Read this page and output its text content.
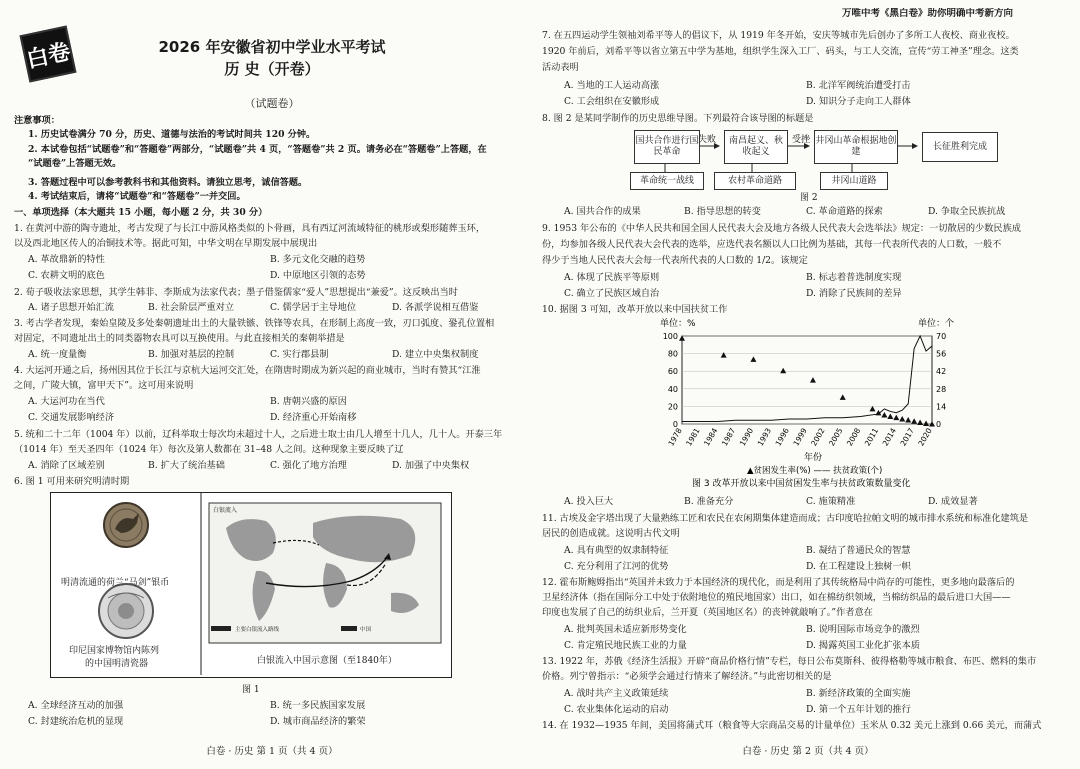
白卷	2026 年安徽省初中学业水平考试
历 史（开卷）
（试题卷）
注意事项：
1. 历史试卷满分 70 分，历史、道德与法治的考试时间共 120 分钟。
2. 本试卷包括“试题卷”和“答题卷”两部分，“试题卷”共 4 页，“答题卷”共 2 页。请务必在“答题卷”上答题，在
“试题卷”上答题无效。
3. 答题过程中可以参考教科书和其他资料。请独立思考，诚信答题。
4. 考试结束后，请将“试题卷”和“答题卷”一并交回。
一、单项选择（本大题共 15 小题，每小题 2 分，共 30 分）
1. 在黄河中游的陶寺遗址，考古发现了与长江中游风格类似的卜骨画，具有西辽河流域特征的桃形或梨形随葬玉环，
以及西北地区传人的冶铜技术等。据此可知，中华文明在早期发展中展现出
A. 革故鼎新的特性	B. 多元文化交融的趋势
C. 农耕文明的底色	D. 中原地区引领的态势
2. 荀子吸收法家思想，其学生韩非、李斯成为法家代表；墨子借鉴儒家“爱人”思想提出“兼爱”。这反映出当时
A. 诸子思想开始汇流	B. 社会阶层严重对立	C. 儒学居于主导地位	D. 各派学说相互借鉴
3. 考古学者发现，秦始皇陵及多处秦朝遗址出土的大量铁镞、铁锋等农具，在形制上高度一致，刃口弧度、銎孔位置相
对固定，不同遗址出土的同类器物农具可以互换使用。与此直接相关的秦朝举措是
A. 统一度量衡	B. 加强对基层的控制	C. 实行郡县制	D. 建立中央集权制度
4. 大运河开通之后，扬州因其位于长江与京杭大运河交汇处，在隋唐时期成为新兴起的商业城市，当时有赞其“江淮
之间，广陵大镇，富甲天下”。这可用来说明
A. 大运河功在当代	B. 唐朝兴盛的原因
C. 交通发展影响经济	D. 经济重心开始南移
5. 统和二十二年（1004 年）以前，辽科举取士每次均未超过十人，之后进士取士由几人增至十几人，几十人。开泰三年
（1014 年）至天圣四年（1024 年）每次及第人数都在 31–48 人之间。这种现象主要反映了辽
A. 消除了区域差别	B. 扩大了统治基础	C. 强化了地方治理	D. 加强了中央集权
6. 图 1 可用来研究明清时期
明清流通的荷兰“马剑”银币
印尼国家博物馆内陈列
的中国明清瓷器
白银流入
主要白银流入路线	中国
白银流入中国示意图（至1840年）
图 1
A. 全球经济互动的加强	B. 统一多民族国家发展
C. 封建统治危机的显现	D. 城市商品经济的繁荣
白卷 · 历史 第 1 页（共 4 页）
万唯中考《黑白卷》助你明确中考新方向
7. 在五四运动学生领袖刘希平等人的倡议下，从 1919 年冬开始，安庆等城市先后创办了多所工人夜校、商业夜校。
1920 年前后，刘希平等以省立第五中学为基地，组织学生深入工厂、码头，与工人交流，宣传“劳工神圣”理念。这类
活动表明
A. 当地的工人运动高涨	B. 北洋军阀统治遭受打击
C. 工会组织在安徽形成	D. 知识分子走向工人群体
8. 图 2 是某同学制作的历史思维导图。下列最符合该导图的标题是
国共合作进行国民革命
南昌起义、秋收起义
井冈山革命根据地创建
长征胜利完成
失败	受挫
革命统一战线	农村革命道路	井冈山道路
图 2
A. 国共合作的成果	B. 指导思想的转变	C. 革命道路的探索	D. 争取全民族抗战
9. 1953 年公布的《中华人民共和国全国人民代表大会及地方各级人民代表大会选举法》规定：一切散居的少数民族成
份，均参加各级人民代表大会代表的选举，应选代表名额以人口比例为基础，其每一代表所代表的人口数，一般不
得少于当地人民代表大会每一代表所代表的人口数的 1/2。该规定
A. 体现了民族平等原则	B. 标志着普选制度实现
C. 确立了民族区域自治	D. 消除了民族间的差异
10. 据图 3 可知，改革开放以来中国扶贫工作
单位：%	单位：个
100	70
80	56
60	42
40	28
20	14
0	0
1978 1981 1984 1987 1990 1993 1996 1999 2002 2005 2008 2011 2014 2017 2020
年份
▲贫困发生率(%) —— 扶贫政策(个)
图 3 改革开放以来中国贫困发生率与扶贫政策数量变化
A. 投入巨大	B. 准备充分	C. 施策精准	D. 成效显著
11. 古埃及金字塔出现了大量熟练工匠和农民在农闲期集体建造而成；古印度哈拉帕文明的城市排水系统和标准化建筑是
居民的创造成就。这说明古代文明
A. 具有典型的奴隶制特征	B. 凝结了普通民众的智慧
C. 充分利用了江河的优势	D. 在工程建设上独树一帜
12. 霍布斯鲍姆指出“英国并未致力于本国经济的现代化，而是利用了其传统格局中尚存的可能性，更多地向最落后的
卫星经济体（指在国际分工中处于依附地位的殖民地国家）出口，如在棉纺织领域，当棉纺织品的最后进口大国——
印度也发展了自己的纺织业后，兰开夏（英国地区名）的丧钟就敲响了。”作者意在
A. 批判英国未适应新形势变化	B. 说明国际市场竞争的激烈
C. 肯定殖民地民族工业的力量	D. 揭露英国工业化扩张本质
13. 1922 年，苏俄《经济生活报》开辟“商品价格行情”专栏，每日公布莫斯科、彼得格勒等城市粮食、布匹、燃料的集市
价格。列宁曾指示：“必须学会通过行情来了解经济。”与此密切相关的是
A. 战时共产主义政策延续	B. 新经济政策的全面实施
C. 农业集体化运动的启动	D. 第一个五年计划的推行
14. 在 1932—1935 年间，美国将蒲式耳（粮食等大宗商品交易的计量单位）玉米从 0.32 美元上涨到 0.66 美元，而蒲式
白卷 · 历史 第 2 页（共 4 页）
